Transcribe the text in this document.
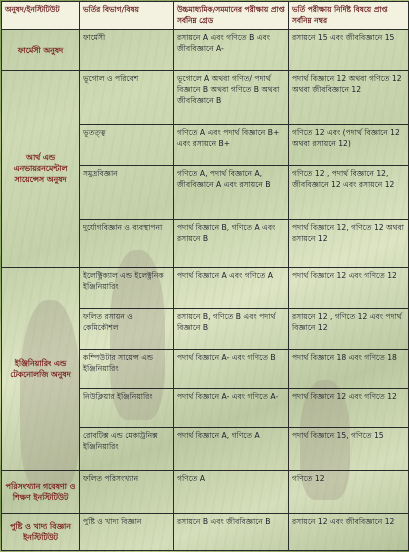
অনুষদ/ইনস্টিটিউট	ভর্তির বিভাগ/বিষয়	উচ্চমাধ্যমিক/সমমানের পরীক্ষায় প্রাপ্ত সর্বনিম্ন গ্রেড	ভর্তি পরীক্ষায় নির্দিষ্ট বিষয়ে প্রাপ্ত সর্বনিম্ন নম্বর
ফার্মেসী অনুষদ	ফার্মেসী	রসায়নে A এবং গণিতে B এবং জীববিজ্ঞানে A-	রসায়নে 15 এবং জীববিজ্ঞানে 15
আর্থ এন্ড এনভায়রনমেন্টাল সায়েন্সেস অনুষদ	ভূগোল ও পরিবেশ	ভূগোলে A অথবা গণিত/ পদার্থ বিজ্ঞানে B অথবা গণিতে B অথবা জীববিজ্ঞানে B	পদার্থ বিজ্ঞানে 12 অথবা গণিতে 12 অথবা জীববিজ্ঞানে 12
	ভূতত্ত্ব	গণিতে A এবং পদার্থ বিজ্ঞানে B+ এবং রসায়নে B+	গণিতে 12 এবং (পদার্থ বিজ্ঞানে 12 অথবা রসায়নে 12)
	সমুদ্রবিজ্ঞান	গণিতে A, পদার্থ বিজ্ঞানে A, জীববিজ্ঞানে A এবং রসায়নে B	গণিতে 12 , পদার্থ বিজ্ঞানে 12, জীববিজ্ঞানে 12 এবং রসায়নে 12
	দুর্যোগবিজ্ঞান ও ব্যবস্থাপনা	পদার্থ বিজ্ঞানে B, গণিতে A এবং রসায়নে B	পদার্থ বিজ্ঞানে 12, গণিতে 12 অথবা রসায়নে 12
ইঞ্জিনিয়ারিং এন্ড টেকনোলজি অনুষদ	ইলেক্ট্রিক্যাল এন্ড ইলেক্ট্রনিক ইঞ্জিনিয়ারিং	পদার্থ বিজ্ঞানে A এবং গণিতে A	পদার্থ বিজ্ঞানে 12 এবং গণিতে 12
	ফলিত রসায়ন ও কেমিকৌশল	রসায়নে B, গণিতে B এবং পদার্থ বিজ্ঞানে B	রসায়নে 12 , গণিতে 12 এবং পদার্থ বিজ্ঞানে 12
	কম্পিউটার সায়েন্স এন্ড ইঞ্জিনিয়ারিং	পদার্থ বিজ্ঞানে A- এবং গণিতে B	পদার্থ বিজ্ঞানে 18 এবং গণিতে 18
	নিউক্লিয়ার ইঞ্জিনিয়ারিং	পদার্থ বিজ্ঞানে A- এবং গণিতে A-	পদার্থ বিজ্ঞানে 12 এবং গণিতে 12
	রোবটিক্স এন্ড মেকাট্রনিক্স ইঞ্জিনিয়ারিং	পদার্থ বিজ্ঞানে A, গণিতে A	পদার্থ বিজ্ঞানে 15, গণিতে 15
পরিসংখ্যান গবেষণা ও শিক্ষণ ইনস্টিটিউট	ফলিত পরিসংখ্যান	গণিতে A	গণিতে 12
পুষ্টি ও খাদ্য বিজ্ঞান ইনস্টিটিউট	পুষ্টি ও খাদ্য বিজ্ঞান	রসায়নে B এবং জীববিজ্ঞানে B	রসায়নে 12 এবং জীববিজ্ঞানে 12
